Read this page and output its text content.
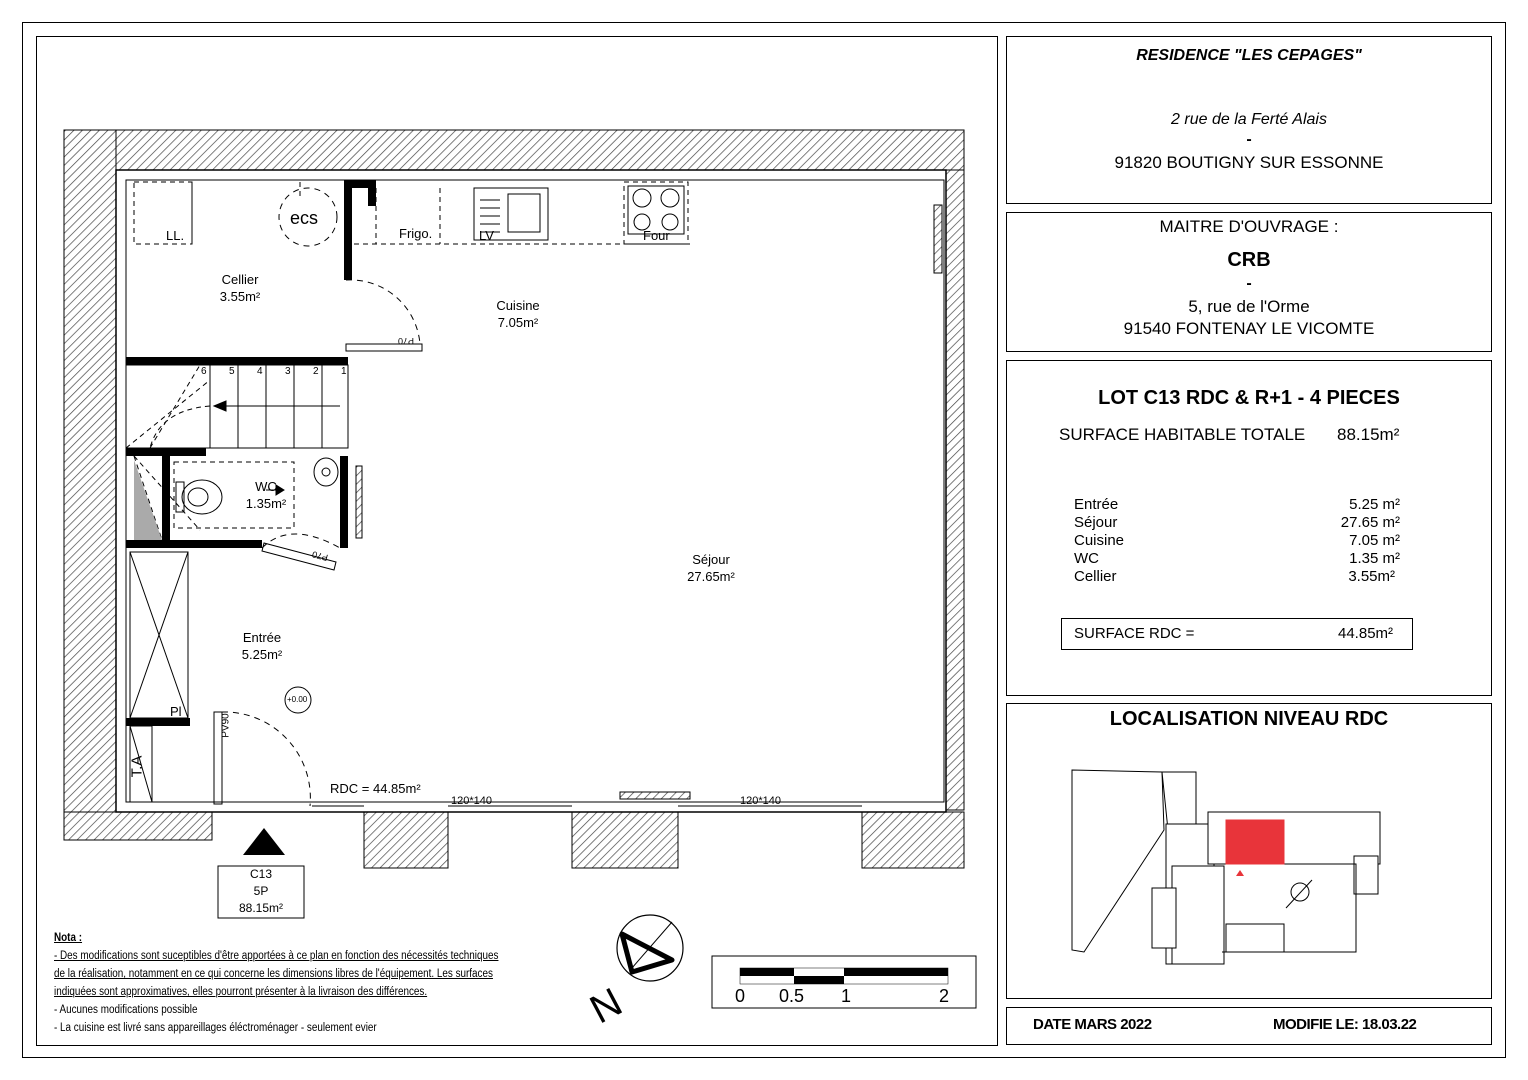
Cellier
3.55m²
Cuisine
7.05m²
Séjour
27.65m²
WC
1.35m²
Entrée
5.25m²
LL.
ecs
Frigo.	LV	Four
P70
P70
PV90
Pl
T.A
+0.00
RDC = 44.85m²
120*140	120*140
6 5 4 3 2 1
C13
5P
88.15m²
N	0 0.5 1	2
Nota :
- Des modifications sont suceptibles d'être apportées à ce plan en fonction des nécessités techniques
de la réalisation, notamment en ce qui concerne les dimensions libres de l'équipement. Les surfaces
indiquées sont approximatives, elles pourront présenter à la livraison des différences.
- Aucunes modifications possible
- La cuisine est livré sans appareillages éléctroménager - seulement evier
RESIDENCE "LES CEPAGES"
2 rue de la Ferté Alais
-
91820 BOUTIGNY SUR ESSONNE
MAITRE D'OUVRAGE :
CRB
-
5, rue de l'Orme
91540 FONTENAY LE VICOMTE
LOT C13 RDC & R+1 - 4 PIECES
SURFACE HABITABLE TOTALE 88.15m²
Entrée	5.25 m²
Séjour	27.65 m²
Cuisine	7.05 m²
WC	1.35 m²
Cellier	3.55m²
SURFACE RDC =	44.85m²
LOCALISATION NIVEAU RDC
DATE MARS 2022	MODIFIE LE: 18.03.22
